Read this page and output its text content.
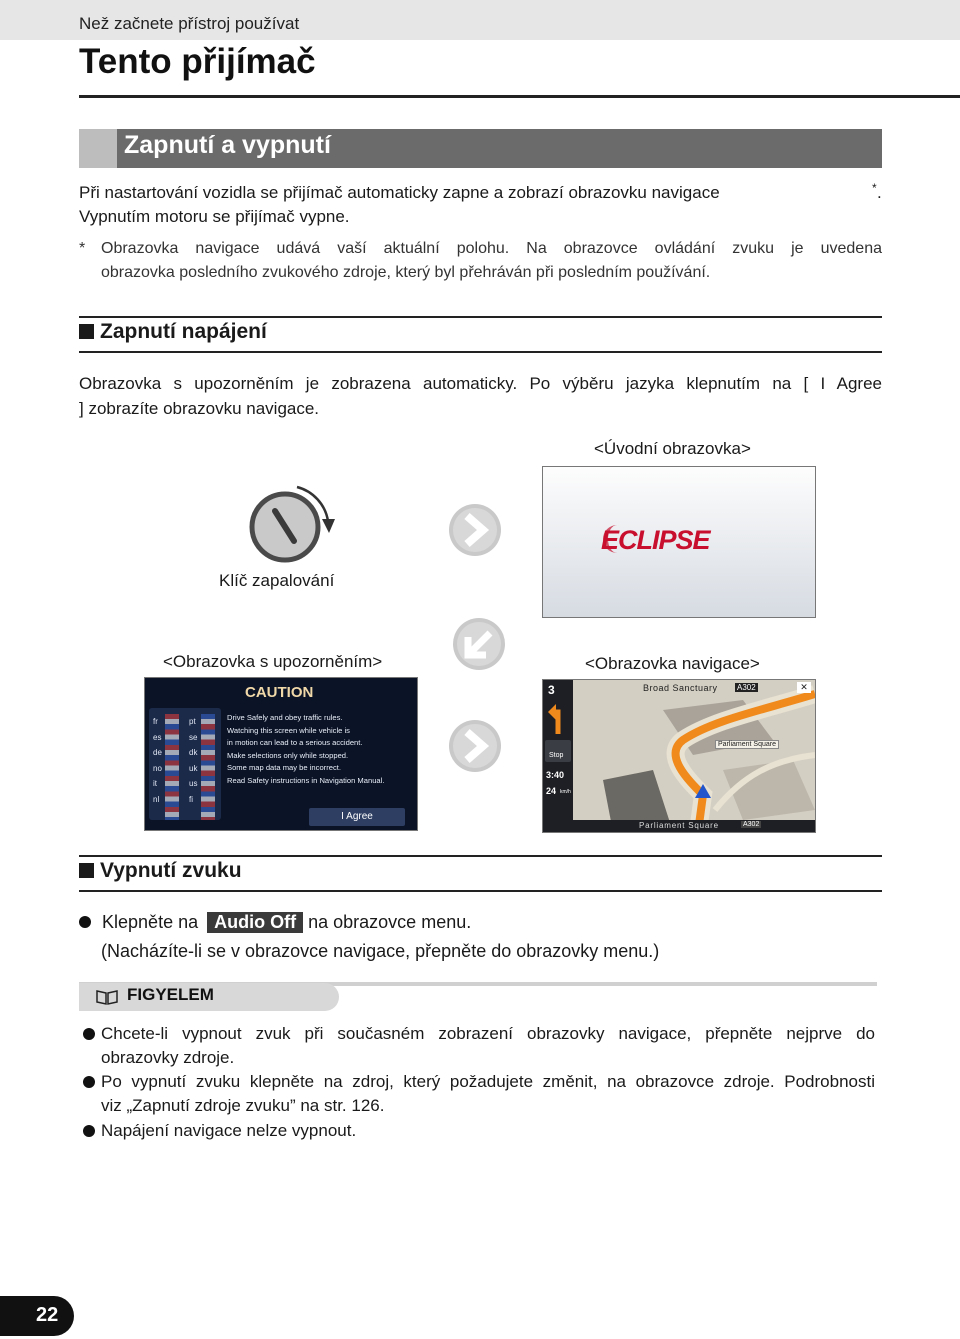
Než začnete přístroj používat
Tento přijímač
Zapnutí a vypnutí
Při nastartování vozidla se přijímač automaticky zapne a zobrazí obrazovku navigace	* .
Vypnutím motoru se přijímač vypne.
* Obrazovka navigace udává vaší aktuální polohu. Na obrazovce ovládání zvuku je uvedena
obrazovka posledního zvukového zdroje, který byl přehráván při posledním používání.
Zapnutí napájení
Obrazovka s upozorněním je zobrazena automaticky. Po výběru jazyka klepnutím na [ I Agree
] zobrazíte obrazovku navigace.
<Úvodní obrazovka>
Klíč zapalování
<Obrazovka s upozorněním>	<Obrazovka navigace>
ECLIPSE
CAUTION
fr
es
de
no
it
nl
pt
se
dk
uk
us
fi
Drive Safely and obey traffic rules.
Watching this screen while vehicle is
in motion can lead to a serious accident.
Make selections only while stopped.
Some map data may be incorrect.
Read Safety instructions in Navigation Manual.
I Agree
3
Stop
3:40
24 km/h
Broad Sanctuary A302	✕
Parliament Square
Parliament Square	A302
Vypnutí zvuku
Klepněte na Audio Off na obrazovce menu.
(Nacházíte-li se v obrazovce navigace, přepněte do obrazovky menu.)
FIGYELEM
Chcete-li vypnout zvuk při současném zobrazení obrazovky navigace, přepněte nejprve do
obrazovky zdroje.
Po vypnutí zvuku klepněte na zdroj, který požadujete změnit, na obrazovce zdroje. Podrobnosti
viz „Zapnutí zdroje zvuku” na str. 126.
Napájení navigace nelze vypnout.
22
